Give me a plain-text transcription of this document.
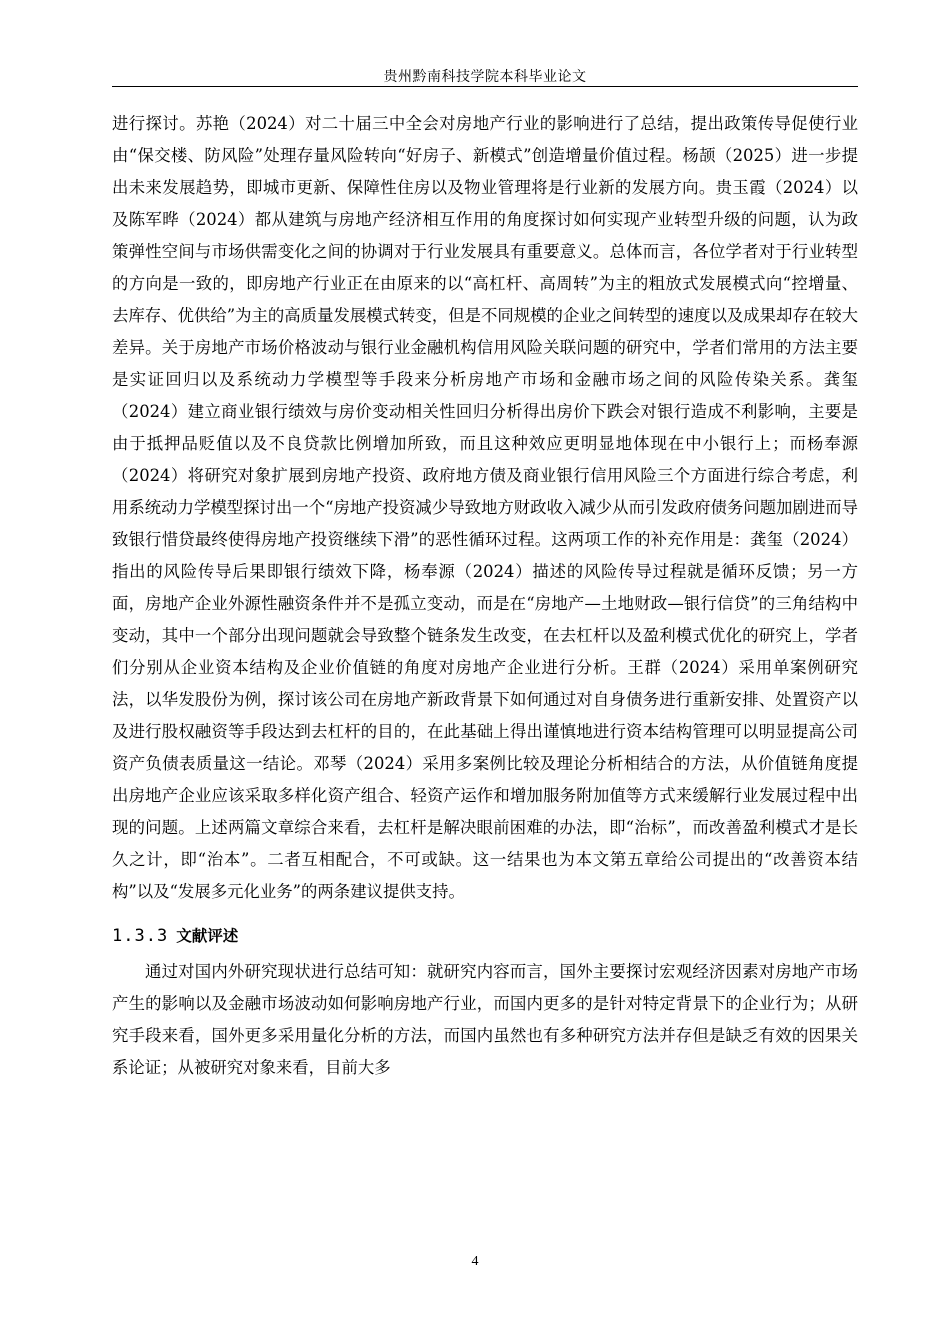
贵州黔南科技学院本科毕业论文

进行探讨。苏艳（2024）对二十届三中全会对房地产行业的影响进行了总结，提出政策传导促使行业由“保交楼、防风险”处理存量风险转向“好房子、新模式”创造增量价值过程。杨颉（2025）进一步提出未来发展趋势，即城市更新、保障性住房以及物业管理将是行业新的发展方向。贵玉霞（2024）以及陈军晔（2024）都从建筑与房地产经济相互作用的角度探讨如何实现产业转型升级的问题，认为政策弹性空间与市场供需变化之间的协调对于行业发展具有重要意义。总体而言，各位学者对于行业转型的方向是一致的，即房地产行业正在由原来的以“高杠杆、高周转”为主的粗放式发展模式向“控增量、去库存、优供给”为主的高质量发展模式转变，但是不同规模的企业之间转型的速度以及成果却存在较大差异。关于房地产市场价格波动与银行业金融机构信用风险关联问题的研究中，学者们常用的方法主要是实证回归以及系统动力学模型等手段来分析房地产市场和金融市场之间的风险传染关系。龚玺（2024）建立商业银行绩效与房价变动相关性回归分析得出房价下跌会对银行造成不利影响，主要是由于抵押品贬值以及不良贷款比例增加所致，而且这种效应更明显地体现在中小银行上；而杨奉源（2024）将研究对象扩展到房地产投资、政府地方债及商业银行信用风险三个方面进行综合考虑，利用系统动力学模型探讨出一个“房地产投资减少导致地方财政收入减少从而引发政府债务问题加剧进而导致银行惜贷最终使得房地产投资继续下滑”的恶性循环过程。这两项工作的补充作用是：龚玺（2024）指出的风险传导后果即银行绩效下降，杨奉源（2024）描述的风险传导过程就是循环反馈；另一方面，房地产企业外源性融资条件并不是孤立变动，而是在“房地产—土地财政—银行信贷”的三角结构中变动，其中一个部分出现问题就会导致整个链条发生改变，在去杠杆以及盈利模式优化的研究上，学者们分别从企业资本结构及企业价值链的角度对房地产企业进行分析。王群（2024）采用单案例研究法，以华发股份为例，探讨该公司在房地产新政背景下如何通过对自身债务进行重新安排、处置资产以及进行股权融资等手段达到去杠杆的目的，在此基础上得出谨慎地进行资本结构管理可以明显提高公司资产负债表质量这一结论。邓琴（2024）采用多案例比较及理论分析相结合的方法，从价值链角度提出房地产企业应该采取多样化资产组合、轻资产运作和增加服务附加值等方式来缓解行业发展过程中出现的问题。上述两篇文章综合来看，去杠杆是解决眼前困难的办法，即“治标”，而改善盈利模式才是长久之计，即“治本”。二者互相配合，不可或缺。这一结果也为本文第五章给公司提出的“改善资本结构”以及“发展多元化业务”的两条建议提供支持。

1.3.3 文献评述

通过对国内外研究现状进行总结可知：就研究内容而言，国外主要探讨宏观经济因素对房地产市场产生的影响以及金融市场波动如何影响房地产行业，而国内更多的是针对特定背景下的企业行为；从研究手段来看，国外更多采用量化分析的方法，而国内虽然也有多种研究方法并存但是缺乏有效的因果关系论证；从被研究对象来看，目前大多

4
